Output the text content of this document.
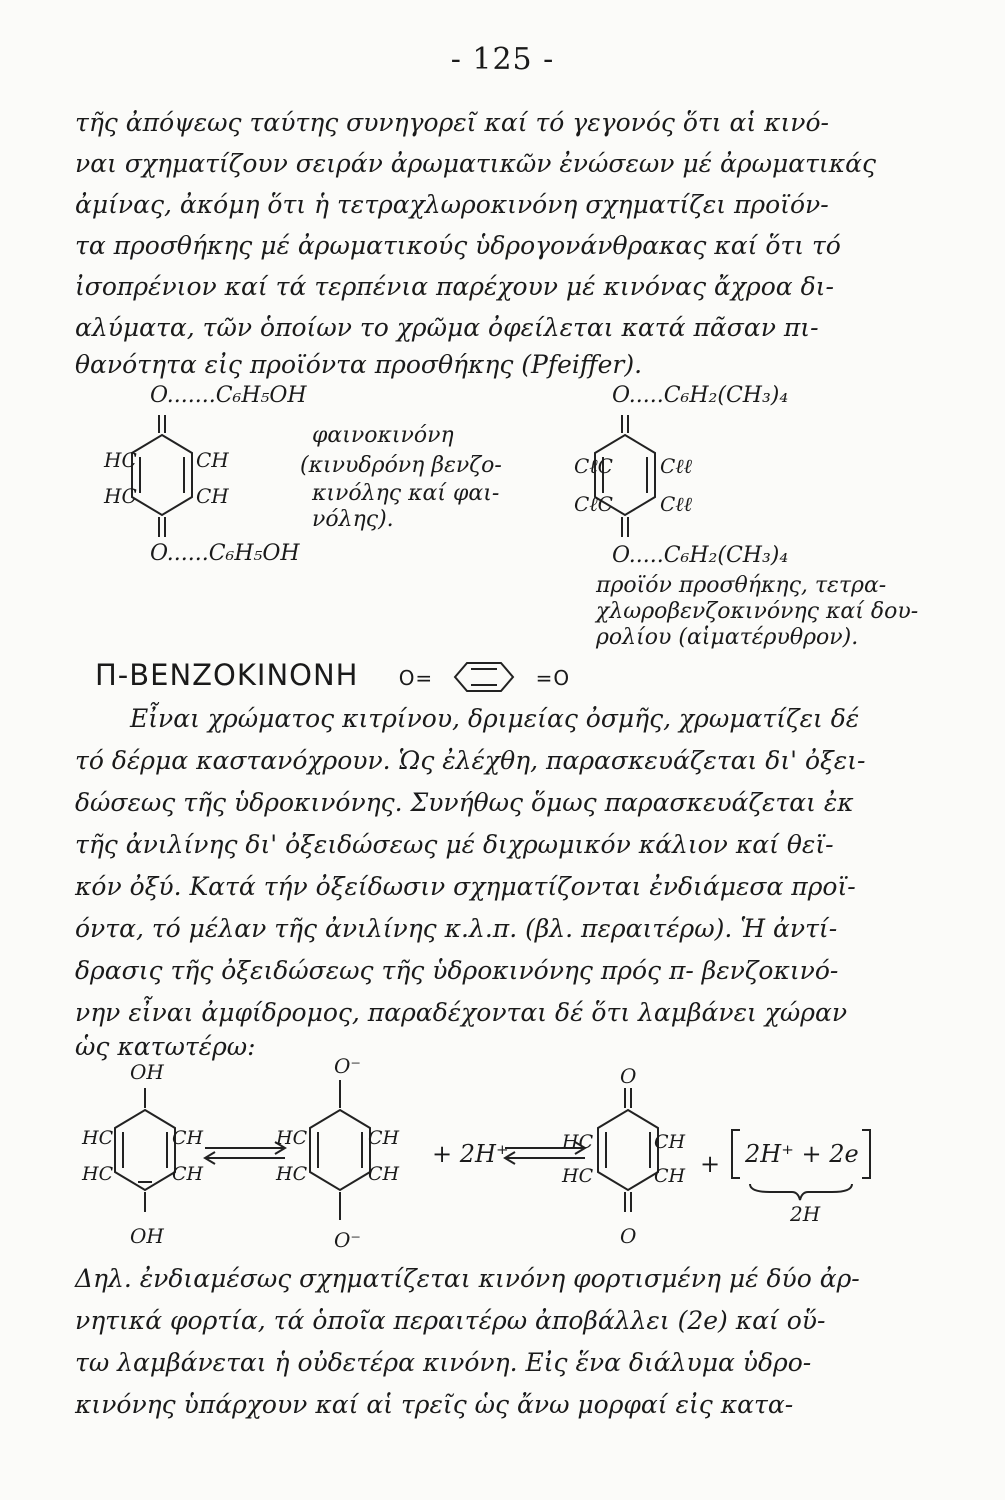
- 125 -
τῆς ἀπόψεως ταύτης συνηγορεῖ καί τό γεγονός ὅτι αἱ κινό-
ναι σχηματίζουν σειράν ἀρωματικῶν ἐνώσεων μέ ἀρωματικάς
ἀμίνας, ἀκόμη ὅτι ἡ τετραχλωροκινόνη σχηματίζει προϊόν-
τα προσθήκης μέ ἀρωματικούς ὑδρογονάνθρακας καί ὅτι τό
ἰσοπρένιον καί τά τερπένια παρέχουν μέ κινόνας ἄχροα δι-
αλύματα, τῶν ὁποίων το χρῶμα ὀφείλεται κατά πᾶσαν πι-
θανότητα εἰς προϊόντα προσθήκης (Pfeiffer).
O.......C₆H₅OH
HC	CH
HC	CH
O......C₆H₅OH
φαινοκινόνη
(κινυδρόνη βενζο-
κινόλης καί φαι-
νόλης).
O.....C₆H₂(CH₃)₄
CℓC Cℓℓ
CℓC Cℓℓ
O.....C₆H₂(CH₃)₄
προϊόν προσθήκης, τετρα-
χλωροβενζοκινόνης καί δου-
ρολίου (αἱματέρυθρον).
Π-ΒΕΝΖΟΚΙΝΟΝΗ O=	=O
Εἶναι χρώματος κιτρίνου, δριμείας ὀσμῆς, χρωματίζει δέ
τό δέρμα καστανόχρουν. Ὡς ἐλέχθη, παρασκευάζεται δι' ὀξει-
δώσεως τῆς ὑδροκινόνης. Συνήθως ὅμως παρασκευάζεται ἐκ
τῆς ἀνιλίνης δι' ὀξειδώσεως μέ διχρωμικόν κάλιον καί θεϊ-
κόν ὀξύ. Κατά τήν ὀξείδωσιν σχηματίζονται ἐνδιάμεσα προϊ-
όντα, τό μέλαν τῆς ἀνιλίνης κ.λ.π. (βλ. περαιτέρω). Ἡ ἀντί-
δρασις τῆς ὀξειδώσεως τῆς ὑδροκινόνης πρός π- βενζοκινό-
νην εἶναι ἀμφίδρομος, παραδέχονται δέ ὅτι λαμβάνει χώραν
ὡς κατωτέρω:
OH
OH
HC	CH
HC	CH
O⁻
O⁻
HC	CH
HC	CH
+ 2H⁺
O
O
HC	CH
HC	CH + 2H⁺ + 2e
2H
Δηλ. ἐνδιαμέσως σχηματίζεται κινόνη φορτισμένη μέ δύο ἀρ-
νητικά φορτία, τά ὁποῖα περαιτέρω ἀποβάλλει (2e) καί οὕ-
τω λαμβάνεται ἡ οὐδετέρα κινόνη. Εἰς ἕνα διάλυμα ὑδρο-
κινόνης ὑπάρχουν καί αἱ τρεῖς ὡς ἄνω μορφαί εἰς κατα-
